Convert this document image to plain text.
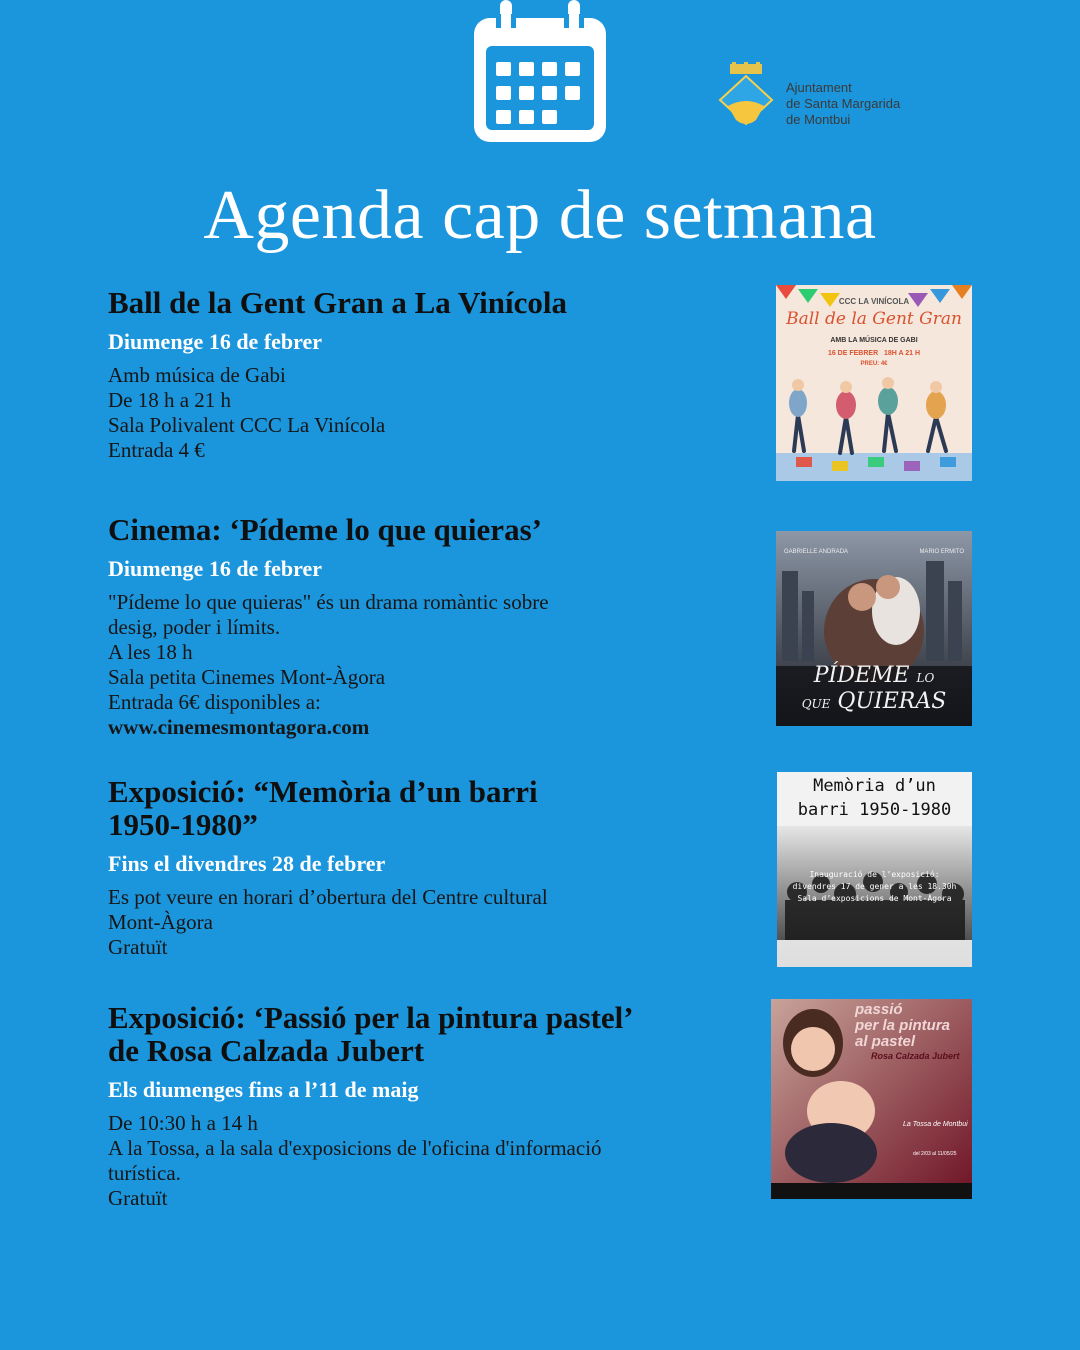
Ajuntament
de Santa Margarida
de Montbui
Agenda cap de setmana
Ball de la Gent Gran a La Vinícola
Diumenge 16 de febrer
Amb música de Gabi
De 18 h a 21 h
Sala Polivalent CCC La Vinícola
Entrada 4 €
CCC LA VINÍCOLA
Ball de la Gent Gran
AMB LA MÚSICA DE GABI
16 DE FEBRER 18H A 21 H
PREU: 4€
Cinema: ‘Pídeme lo que quieras’
Diumenge 16 de febrer
"Pídeme lo que quieras" és un drama romàntic sobre
desig, poder i límits.
A les 18 h
Sala petita Cinemes Mont-Àgora
Entrada 6€ disponibles a:
www.cinemesmontagora.com
GABRIELLE ANDRADA	MARIO ERMITO
PÍDEME LO
QUE QUIERAS
Exposició: “Memòria d’un barri
1950-1980”
Fins el divendres 28 de febrer
Es pot veure en horari d’obertura del Centre cultural
Mont-Àgora
Gratuït
Memòria d’un
barri 1950-1980
Inauguració de l’exposició:
divendres 17 de gener a les 18.30h
Sala d’exposicions de Mont-Àgora
Exposició: ‘Passió per la pintura pastel’
de Rosa Calzada Jubert
Els diumenges fins a l’11 de maig
De 10:30 h a 14 h
A la Tossa, a la sala d'exposicions de l'oficina d'informació
turística.
Gratuït
passió
per la pintura
al pastel
Rosa Calzada Jubert
La Tossa de Montbui
del 2/03 al 11/05/25
